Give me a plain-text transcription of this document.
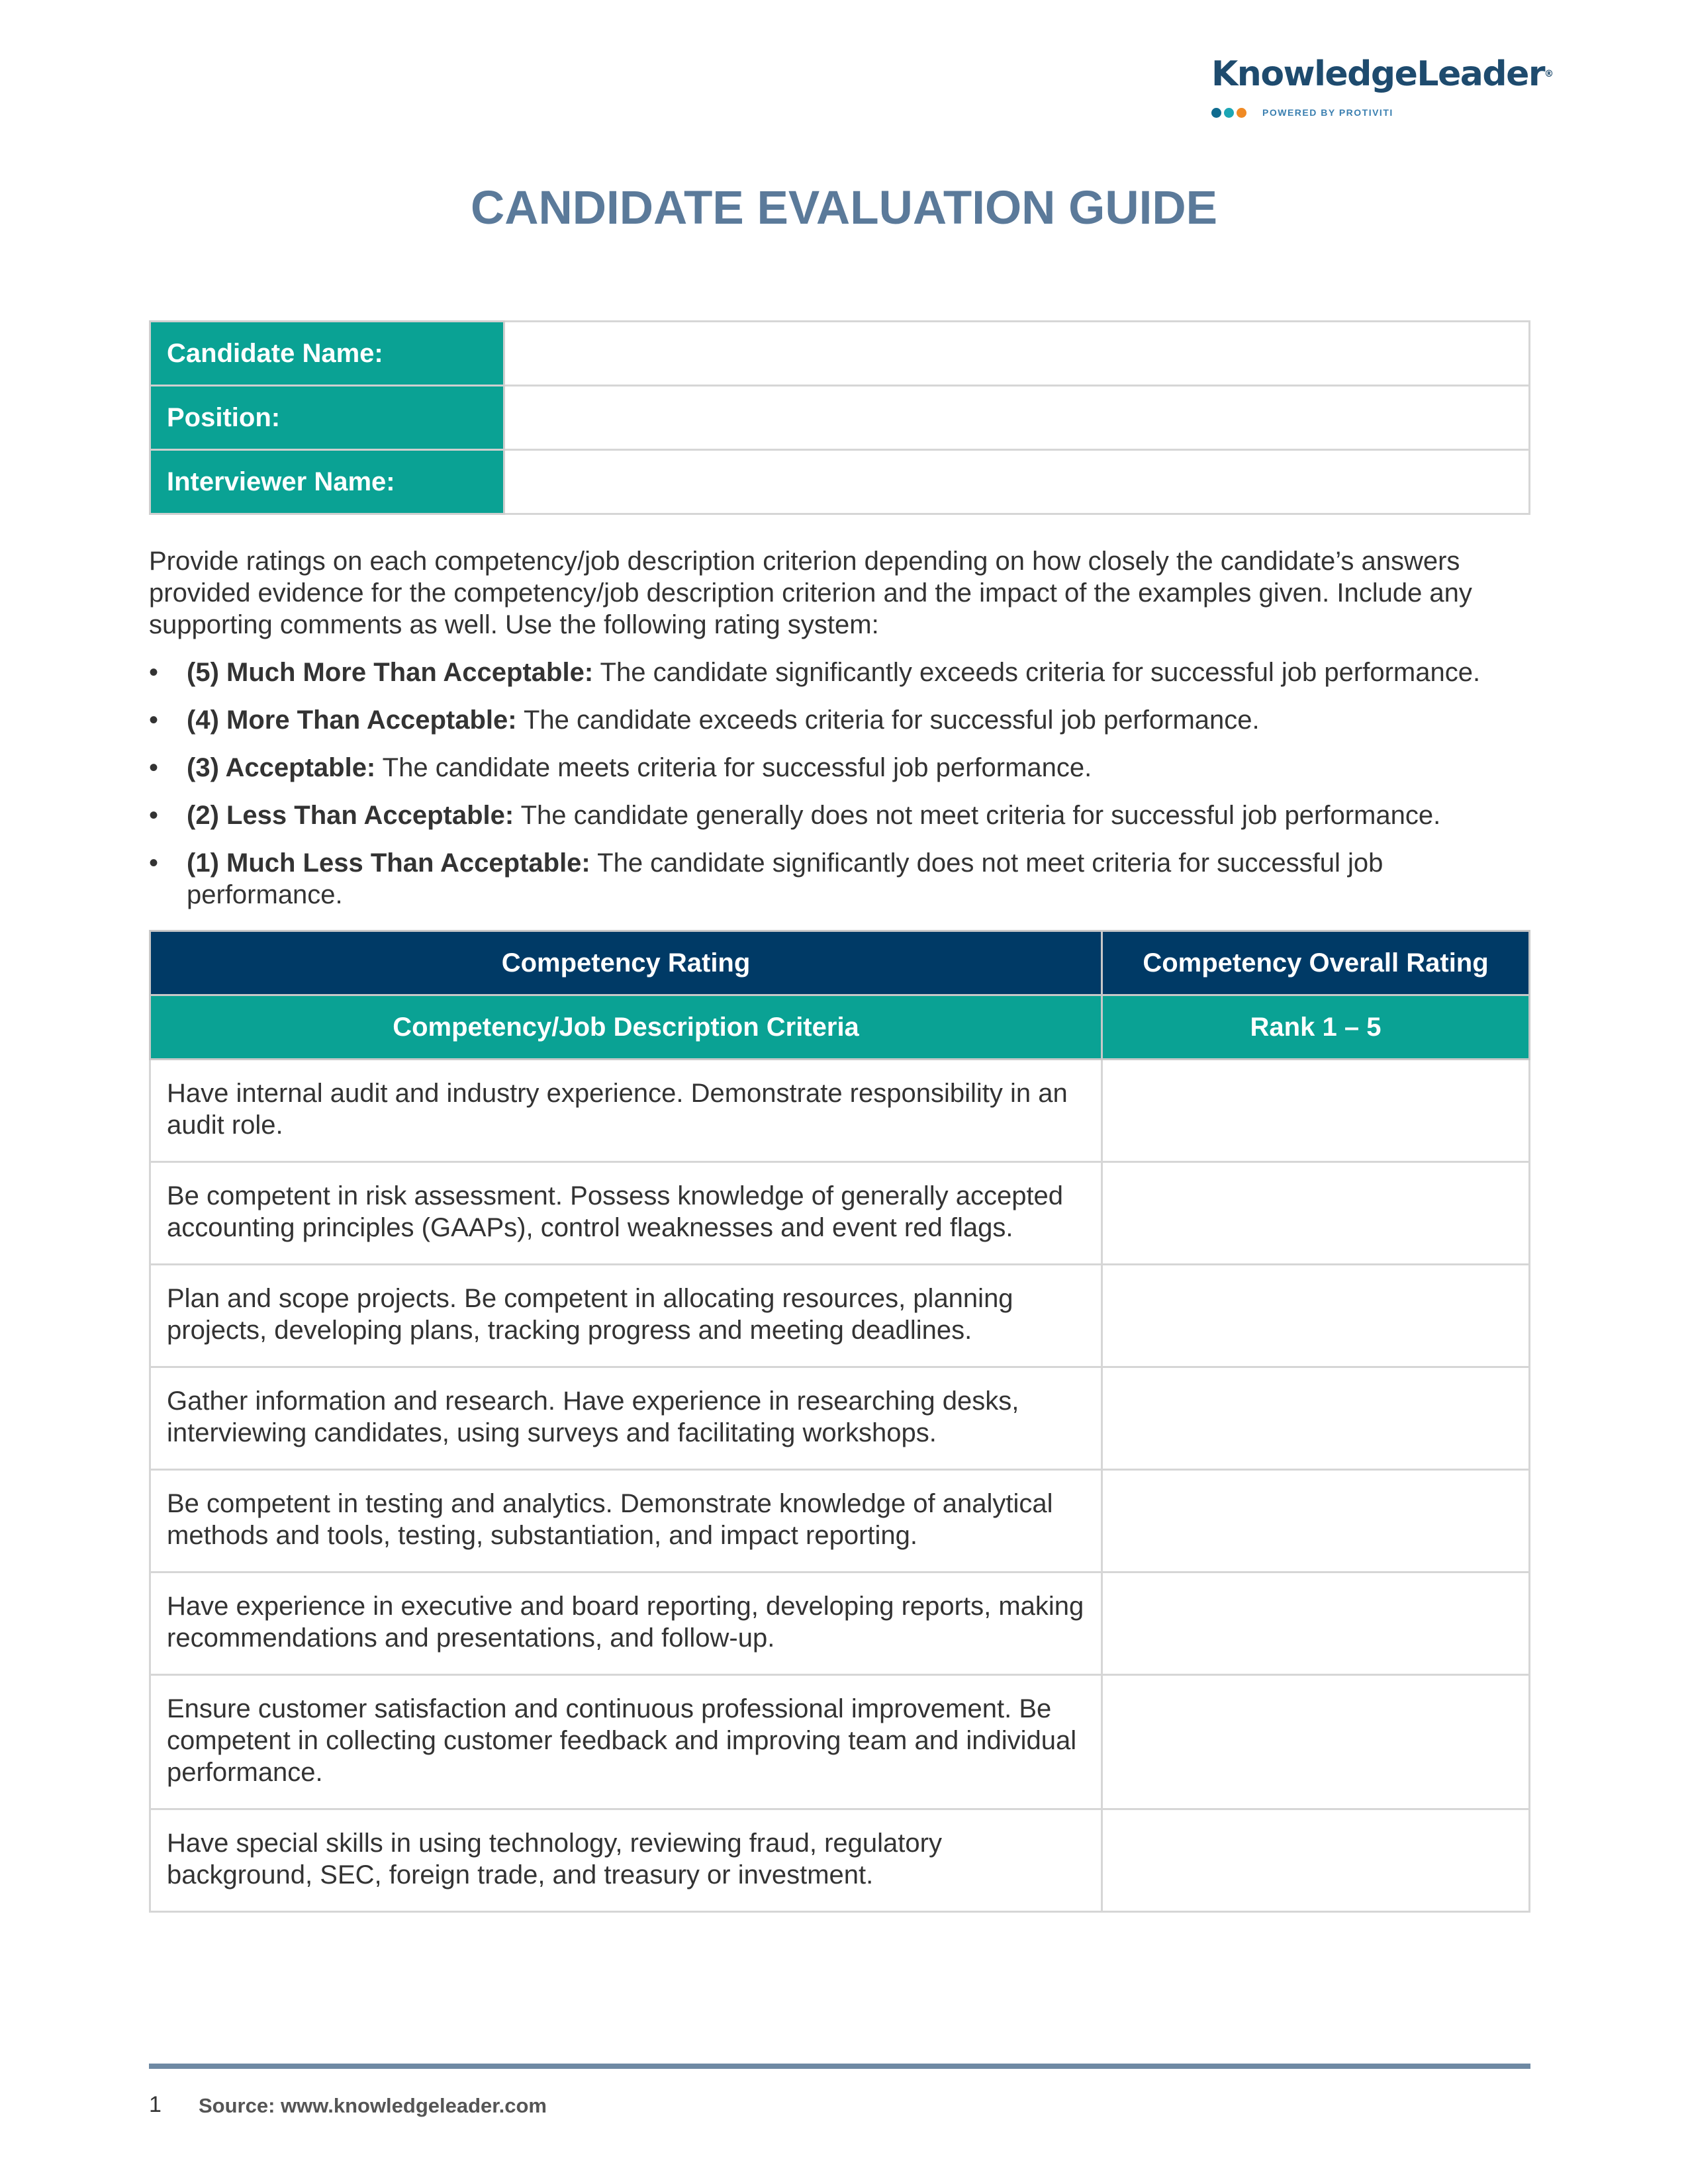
KnowledgeLeader®
POWERED BY PROTIVITI
CANDIDATE EVALUATION GUIDE
Candidate Name:	
Position:	
Interviewer Name:	

Provide ratings on each competency/job description criterion depending on how closely the candidate’s answers provided evidence for the competency/job description criterion and the impact of the examples given. Include any supporting comments as well. Use the following rating system:

• (5) Much More Than Acceptable: The candidate significantly exceeds criteria for successful job performance.
• (4) More Than Acceptable: The candidate exceeds criteria for successful job performance.
• (3) Acceptable: The candidate meets criteria for successful job performance.
• (2) Less Than Acceptable: The candidate generally does not meet criteria for successful job performance.
• (1) Much Less Than Acceptable: The candidate significantly does not meet criteria for successful job performance.
Competency Rating	Competency Overall Rating
Competency/Job Description Criteria	Rank 1 – 5
Have internal audit and industry experience. Demonstrate responsibility in an audit role.	
Be competent in risk assessment. Possess knowledge of generally accepted accounting principles (GAAPs), control weaknesses and event red flags.	
Plan and scope projects. Be competent in allocating resources, planning projects, developing plans, tracking progress and meeting deadlines.	
Gather information and research. Have experience in researching desks, interviewing candidates, using surveys and facilitating workshops.	
Be competent in testing and analytics. Demonstrate knowledge of analytical methods and tools, testing, substantiation, and impact reporting.	
Have experience in executive and board reporting, developing reports, making recommendations and presentations, and follow-up.	
Ensure customer satisfaction and continuous professional improvement. Be competent in collecting customer feedback and improving team and individual performance.	
Have special skills in using technology, reviewing fraud, regulatory background, SEC, foreign trade, and treasury or investment.	
1 Source: www.knowledgeleader.com
